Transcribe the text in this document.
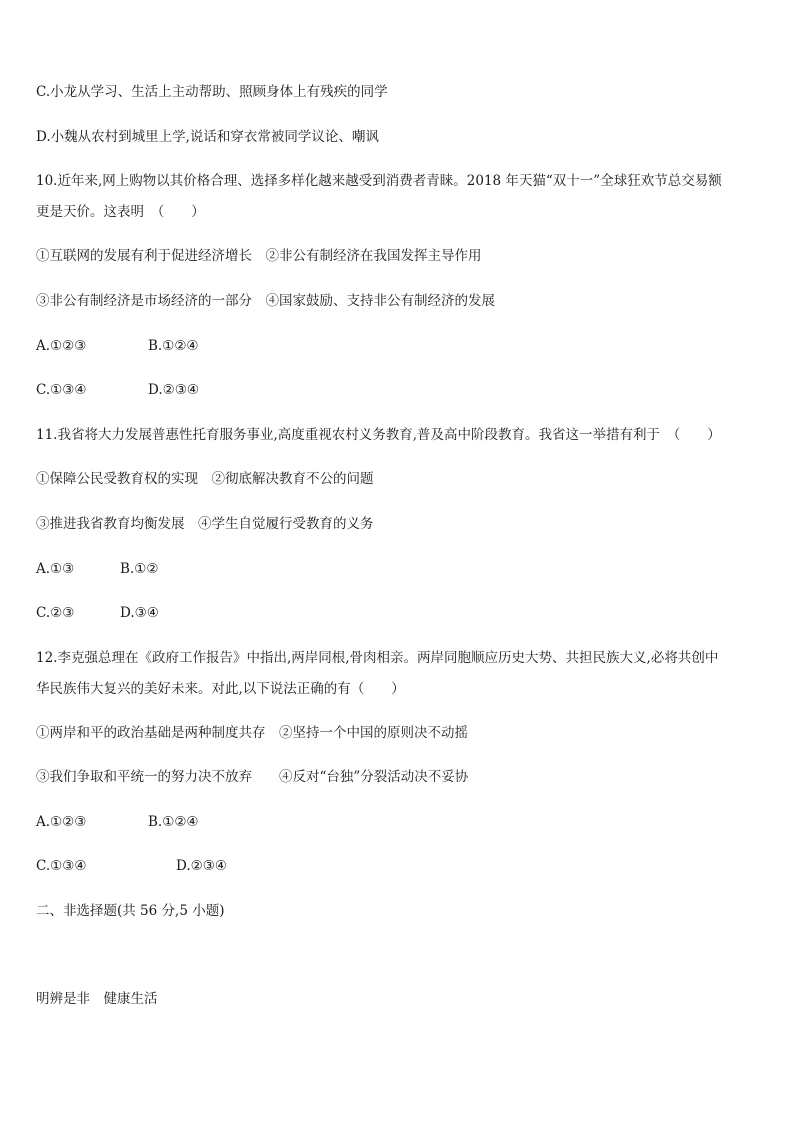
C.小龙从学习、生活上主动帮助、照顾身体上有残疾的同学
D.小魏从农村到城里上学,说话和穿衣常被同学议论、嘲讽
10.近年来,网上购物以其价格合理、选择多样化越来越受到消费者青睐。2018 年天猫“双十一”全球狂欢节总交易额
更是天价。这表明　（　　）
①互联网的发展有利于促进经济增长　②非公有制经济在我国发挥主导作用
③非公有制经济是市场经济的一部分　④国家鼓励、支持非公有制经济的发展
A.①②③	B.①②④
C.①③④	D.②③④
11.我省将大力发展普惠性托育服务事业,高度重视农村义务教育,普及高中阶段教育。我省这一举措有利于　（　　）
①保障公民受教育权的实现　②彻底解决教育不公的问题
③推进我省教育均衡发展　④学生自觉履行受教育的义务
A.①③	B.①②
C.②③	D.③④
12.李克强总理在《政府工作报告》中指出,两岸同根,骨肉相亲。两岸同胞顺应历史大势、共担民族大义,必将共创中
华民族伟大复兴的美好未来。对此,以下说法正确的有（　　）
①两岸和平的政治基础是两种制度共存　②坚持一个中国的原则决不动摇
③我们争取和平统一的努力决不放弃　　④反对“台独”分裂活动决不妥协
A.①②③	B.①②④
C.①③④	D.②③④
二、非选择题(共 56 分,5 小题)
明辨是非　健康生活
